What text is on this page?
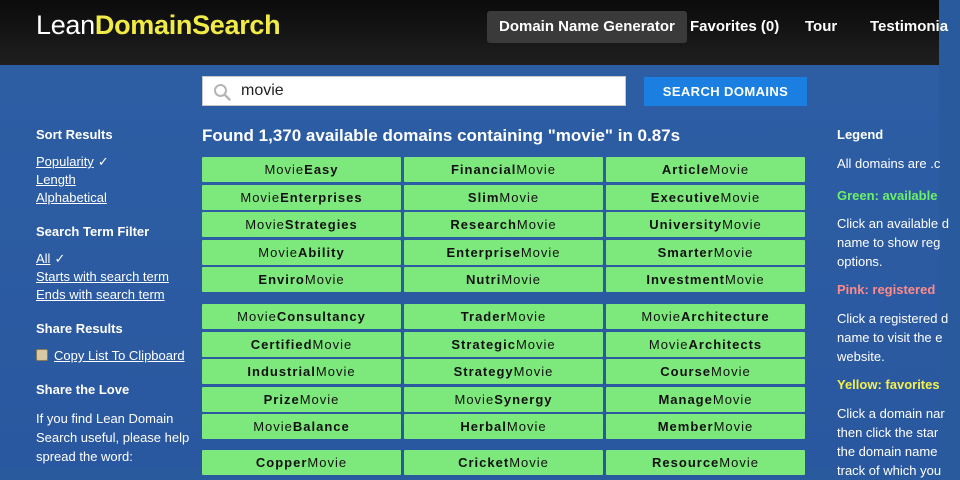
LeanDomainSearch	Domain Name Generator	Favorites (0)	Tour	Testimonia
movie
SEARCH DOMAINS
Sort Results
Popularity ✓
Length
Alphabetical
Search Term Filter
All ✓
Starts with search term
Ends with search term
Share Results
Copy List To Clipboard
Share the Love
If you find Lean Domain
Search useful, please help
spread the word:
Found 1,370 available domains containing "movie" in 0.87s
MovieEasy	FinancialMovie	ArticleMovie
MovieEnterprises	SlimMovie	ExecutiveMovie
MovieStrategies	ResearchMovie	UniversityMovie
MovieAbility	EnterpriseMovie	SmarterMovie
EnviroMovie	NutriMovie	InvestmentMovie
MovieConsultancy	TraderMovie	MovieArchitecture
CertifiedMovie	StrategicMovie	MovieArchitects
IndustrialMovie	StrategyMovie	CourseMovie
PrizeMovie	MovieSynergy	ManageMovie
MovieBalance	HerbalMovie	MemberMovie
CopperMovie	CricketMovie	ResourceMovie
Legend
All domains are .c
Green: available
Click an available d
name to show reg
options.
Pink: registered
Click a registered d
name to visit the e
website.
Yellow: favorites
Click a domain nar
then click the star
the domain name
track of which you
